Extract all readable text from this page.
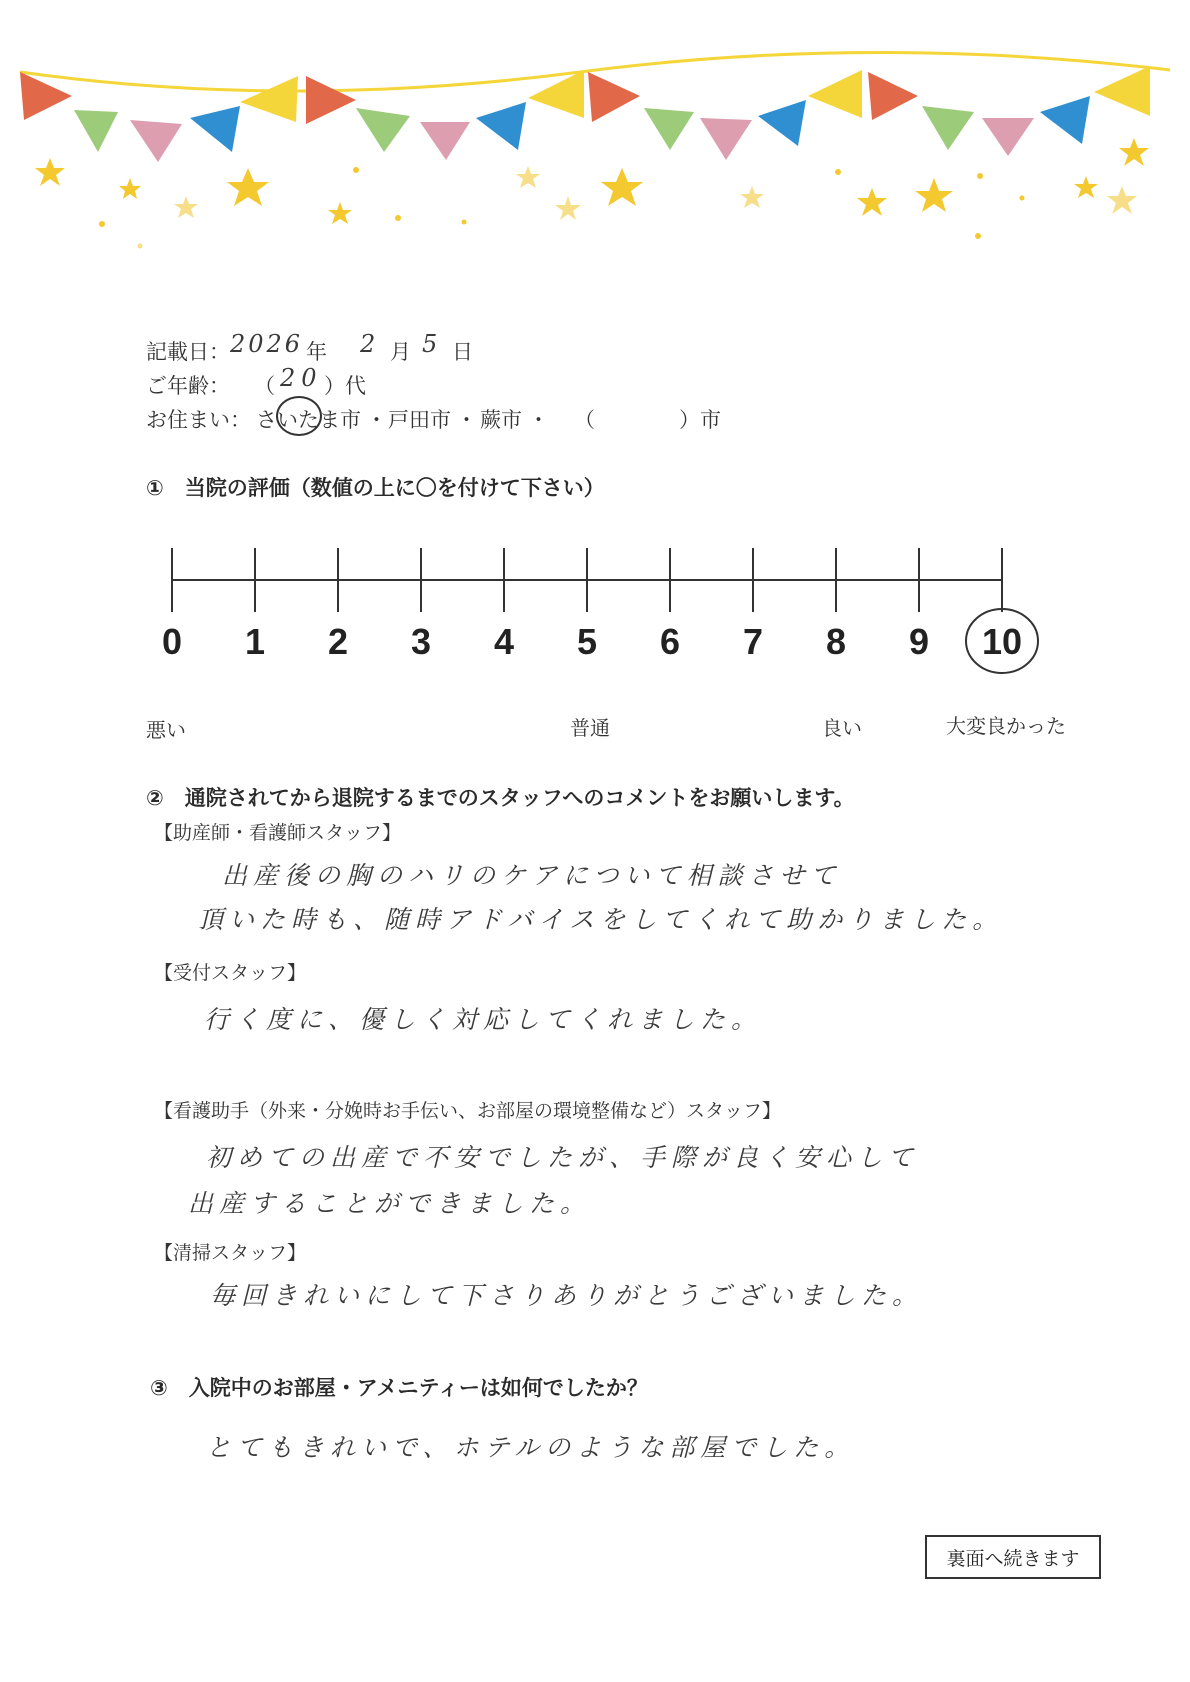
記載日： 2026 年 2 月 5 日
ご年齢： （ 20 ）代
お住まい： さいたま市 ・ 戸田市 ・ 蕨市 ・ （　　　　）市
①　当院の評価（数値の上に〇を付けて下さい）
0 1 2 3 4 5 6 7 8 9 10
悪い	普通	良い	大変良かった
②　通院されてから退院するまでのスタッフへのコメントをお願いします。
【助産師・看護師スタッフ】
出産後の胸のハリのケアについて相談させて
頂いた時も、随時アドバイスをしてくれて助かりました。
【受付スタッフ】
行く度に、優しく対応してくれました。
【看護助手（外来・分娩時お手伝い、お部屋の環境整備など）スタッフ】
初めての出産で不安でしたが、手際が良く安心して
出産することができました。
【清掃スタッフ】
毎回きれいにして下さりありがとうございました。
③　入院中のお部屋・アメニティーは如何でしたか？
とてもきれいで、ホテルのような部屋でした。
裏面へ続きます
